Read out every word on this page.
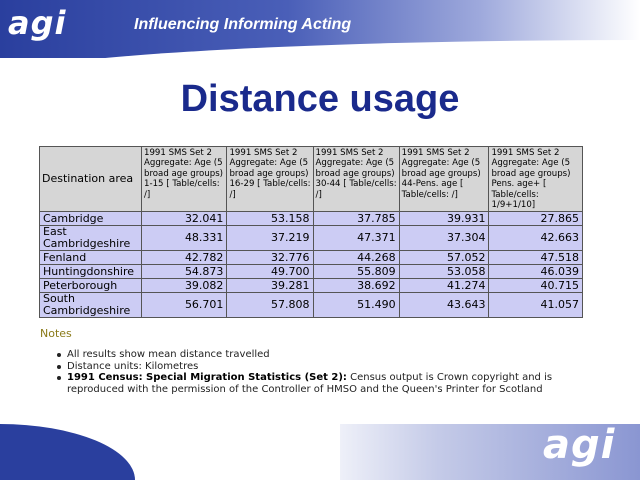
agi	Influencing Informing Acting
Distance usage
Destination area	1991 SMS Set 2 Aggregate: Age (5 broad age groups) 1-15 [ Table/cells: /]	1991 SMS Set 2 Aggregate: Age (5 broad age groups) 16-29 [ Table/cells: /]	1991 SMS Set 2 Aggregate: Age (5 broad age groups) 30-44 [ Table/cells: /]	1991 SMS Set 2 Aggregate: Age (5 broad age groups) 44-Pens. age [ Table/cells: /]	1991 SMS Set 2 Aggregate: Age (5 broad age groups) Pens. age+ [ Table/cells: 1/9+1/10]
Cambridge	32.041	53.158	37.785	39.931	27.865
East Cambridgeshire	48.331	37.219	47.371	37.304	42.663
Fenland	42.782	32.776	44.268	57.052	47.518
Huntingdonshire	54.873	49.700	55.809	53.058	46.039
Peterborough	39.082	39.281	38.692	41.274	40.715
South Cambridgeshire	56.701	57.808	51.490	43.643	41.057
Notes
All results show mean distance travelled
Distance units: Kilometres
1991 Census: Special Migration Statistics (Set 2): Census output is Crown copyright and is reproduced with the permission of the Controller of HMSO and the Queen's Printer for Scotland
agi
